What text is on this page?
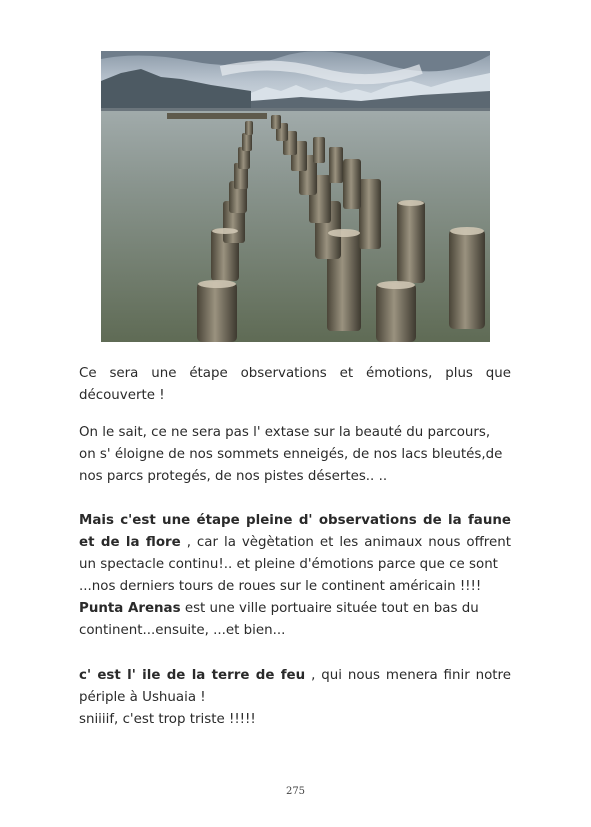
Ce sera une étape observations et émotions, plus que découverte !
On le sait, ce ne sera pas l' extase sur la beauté du parcours,
on s' éloigne de nos sommets enneigés, de nos lacs bleutés,de
nos parcs protegés, de nos pistes désertes.. ..
Mais c'est une étape pleine d' observations de la faune et de la flore , car la vègètation et les animaux nous offrent un spectacle continu!.. et pleine d'émotions parce que ce sont
...nos derniers tours de roues sur le continent américain !!!!
Punta Arenas est une ville portuaire située tout en bas du
continent...ensuite, ...et bien...
c' est l' ile de la terre de feu , qui nous menera finir notre périple à Ushuaia !
sniiiif, c'est trop triste !!!!!
275
